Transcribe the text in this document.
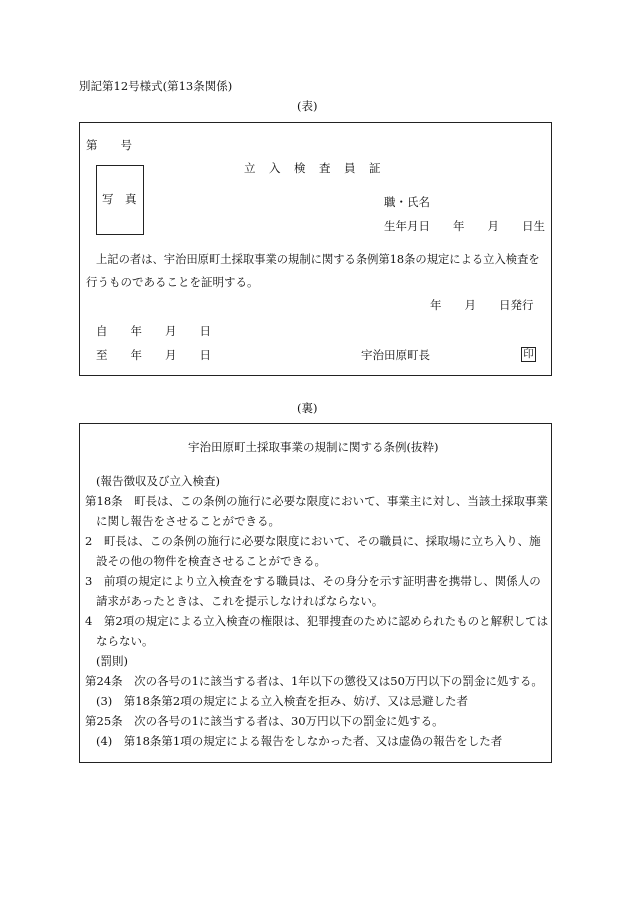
別記第12号様式(第13条関係)
(表)
第　　号
立　入　検　査　員　証
写　真	職・氏名
生年月日　　年　　月　　日生
上記の者は、宇治田原町土採取事業の規制に関する条例第18条の規定による立入検査を
行うものであることを証明する。
年　　月　　日発行
自　　年　　月　　日
至　　年　　月　　日	宇治田原町長	印
(裏)
宇治田原町土採取事業の規制に関する条例(抜粋)
(報告徴収及び立入検査)
第18条　町長は、この条例の施行に必要な限度において、事業主に対し、当該土採取事業
に関し報告をさせることができる。
2　町長は、この条例の施行に必要な限度において、その職員に、採取場に立ち入り、施
設その他の物件を検査させることができる。
3　前項の規定により立入検査をする職員は、その身分を示す証明書を携帯し、関係人の
請求があったときは、これを提示しなければならない。
4　第2項の規定による立入検査の権限は、犯罪捜査のために認められたものと解釈しては
ならない。
(罰則)
第24条　次の各号の1に該当する者は、1年以下の懲役又は50万円以下の罰金に処する。
(3)　第18条第2項の規定による立入検査を拒み、妨げ、又は忌避した者
第25条　次の各号の1に該当する者は、30万円以下の罰金に処する。
(4)　第18条第1項の規定による報告をしなかった者、又は虚偽の報告をした者
